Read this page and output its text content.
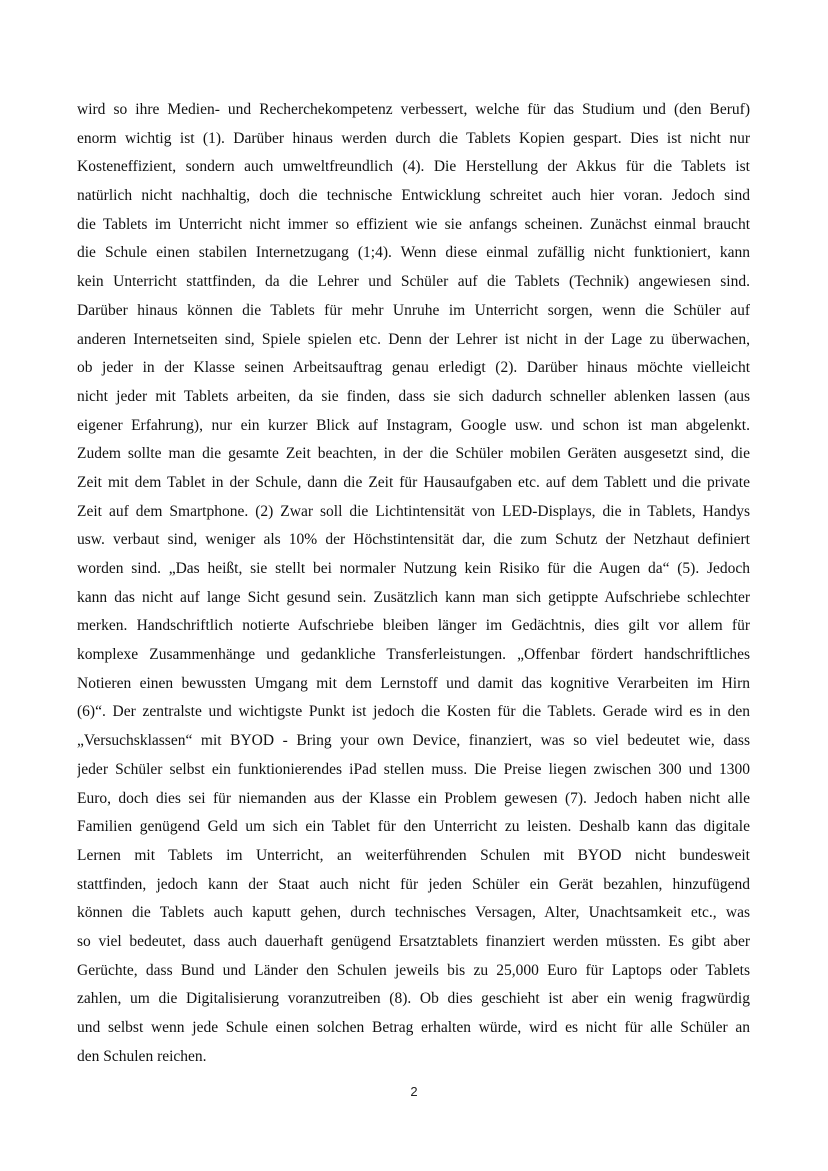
wird so ihre Medien- und Recherchekompetenz verbessert, welche für das Studium und (den Beruf)
enorm wichtig ist (1). Darüber hinaus werden durch die Tablets Kopien gespart. Dies ist nicht nur
Kosteneffizient, sondern auch umweltfreundlich (4). Die Herstellung der Akkus für die Tablets ist
natürlich nicht nachhaltig, doch die technische Entwicklung schreitet auch hier voran. Jedoch sind
die Tablets im Unterricht nicht immer so effizient wie sie anfangs scheinen. Zunächst einmal braucht
die Schule einen stabilen Internetzugang (1;4). Wenn diese einmal zufällig nicht funktioniert, kann
kein Unterricht stattfinden, da die Lehrer und Schüler auf die Tablets (Technik) angewiesen sind.
Darüber hinaus können die Tablets für mehr Unruhe im Unterricht sorgen, wenn die Schüler auf
anderen Internetseiten sind, Spiele spielen etc. Denn der Lehrer ist nicht in der Lage zu überwachen,
ob jeder in der Klasse seinen Arbeitsauftrag genau erledigt (2). Darüber hinaus möchte vielleicht
nicht jeder mit Tablets arbeiten, da sie finden, dass sie sich dadurch schneller ablenken lassen (aus
eigener Erfahrung), nur ein kurzer Blick auf Instagram, Google usw. und schon ist man abgelenkt.
Zudem sollte man die gesamte Zeit beachten, in der die Schüler mobilen Geräten ausgesetzt sind, die
Zeit mit dem Tablet in der Schule, dann die Zeit für Hausaufgaben etc. auf dem Tablett und die private
Zeit auf dem Smartphone. (2) Zwar soll die Lichtintensität von LED-Displays, die in Tablets, Handys
usw. verbaut sind, weniger als 10% der Höchstintensität dar, die zum Schutz der Netzhaut definiert
worden sind. „Das heißt, sie stellt bei normaler Nutzung kein Risiko für die Augen da“ (5). Jedoch
kann das nicht auf lange Sicht gesund sein. Zusätzlich kann man sich getippte Aufschriebe schlechter
merken. Handschriftlich notierte Aufschriebe bleiben länger im Gedächtnis, dies gilt vor allem für
komplexe Zusammenhänge und gedankliche Transferleistungen. „Offenbar fördert handschriftliches
Notieren einen bewussten Umgang mit dem Lernstoff und damit das kognitive Verarbeiten im Hirn
(6)“. Der zentralste und wichtigste Punkt ist jedoch die Kosten für die Tablets. Gerade wird es in den
„Versuchsklassen“ mit BYOD - Bring your own Device, finanziert, was so viel bedeutet wie, dass
jeder Schüler selbst ein funktionierendes iPad stellen muss. Die Preise liegen zwischen 300 und 1300
Euro, doch dies sei für niemanden aus der Klasse ein Problem gewesen (7). Jedoch haben nicht alle
Familien genügend Geld um sich ein Tablet für den Unterricht zu leisten. Deshalb kann das digitale
Lernen mit Tablets im Unterricht, an weiterführenden Schulen mit BYOD nicht bundesweit
stattfinden, jedoch kann der Staat auch nicht für jeden Schüler ein Gerät bezahlen, hinzufügend
können die Tablets auch kaputt gehen, durch technisches Versagen, Alter, Unachtsamkeit etc., was
so viel bedeutet, dass auch dauerhaft genügend Ersatztablets finanziert werden müssten. Es gibt aber
Gerüchte, dass Bund und Länder den Schulen jeweils bis zu 25,000 Euro für Laptops oder Tablets
zahlen, um die Digitalisierung voranzutreiben (8). Ob dies geschieht ist aber ein wenig fragwürdig
und selbst wenn jede Schule einen solchen Betrag erhalten würde, wird es nicht für alle Schüler an
den Schulen reichen.
2
